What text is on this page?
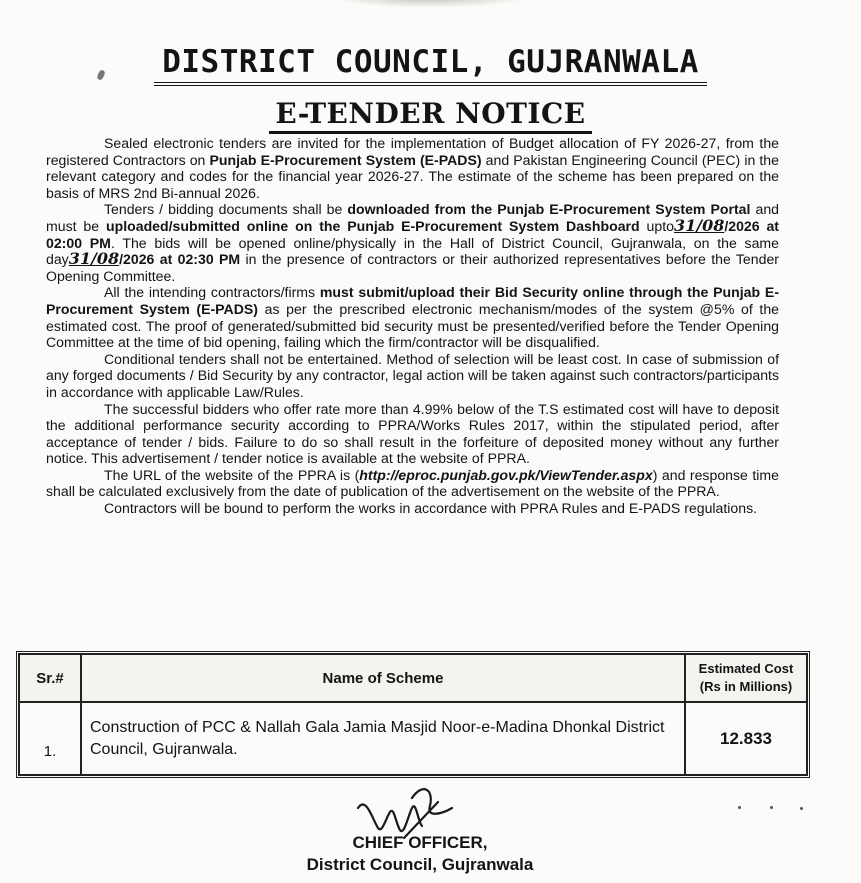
DISTRICT COUNCIL, GUJRANWALA
E-TENDER NOTICE

Sealed electronic tenders are invited for the implementation of Budget allocation of FY 2026-27, from the registered Contractors on Punjab E-Procurement System (E-PADS) and Pakistan Engineering Council (PEC) in the relevant category and codes for the financial year 2026-27. The estimate of the scheme has been prepared on the basis of MRS 2nd Bi-annual 2026.

Tenders / bidding documents shall be downloaded from the Punjab E-Procurement System Portal and must be uploaded/submitted online on the Punjab E-Procurement System Dashboard upto31/08/2026 at 02:00 PM. The bids will be opened online/physically in the Hall of District Council, Gujranwala, on the same day31/08/2026 at 02:30 PM in the presence of contractors or their authorized representatives before the Tender Opening Committee.

All the intending contractors/firms must submit/upload their Bid Security online through the Punjab E-Procurement System (E-PADS) as per the prescribed electronic mechanism/modes of the system @5% of the estimated cost. The proof of generated/submitted bid security must be presented/verified before the Tender Opening Committee at the time of bid opening, failing which the firm/contractor will be disqualified.

Conditional tenders shall not be entertained. Method of selection will be least cost. In case of submission of any forged documents / Bid Security by any contractor, legal action will be taken against such contractors/participants in accordance with applicable Law/Rules.

The successful bidders who offer rate more than 4.99% below of the T.S estimated cost will have to deposit the additional performance security according to PPRA/Works Rules 2017, within the stipulated period, after acceptance of tender / bids. Failure to do so shall result in the forfeiture of deposited money without any further notice. This advertisement / tender notice is available at the website of PPRA.

The URL of the website of the PPRA is (http://eproc.punjab.gov.pk/ViewTender.aspx) and response time shall be calculated exclusively from the date of publication of the advertisement on the website of the PPRA.

Contractors will be bound to perform the works in accordance with PPRA Rules and E-PADS regulations.

Sr.#	Name of Scheme	Estimated Cost
(Rs in Millions)

1.	Construction of PCC & Nallah Gala Jamia Masjid Noor-e-Madina Dhonkal District Council, Gujranwala.	12.833
CHIEF OFFICER,
District Council, Gujranwala
